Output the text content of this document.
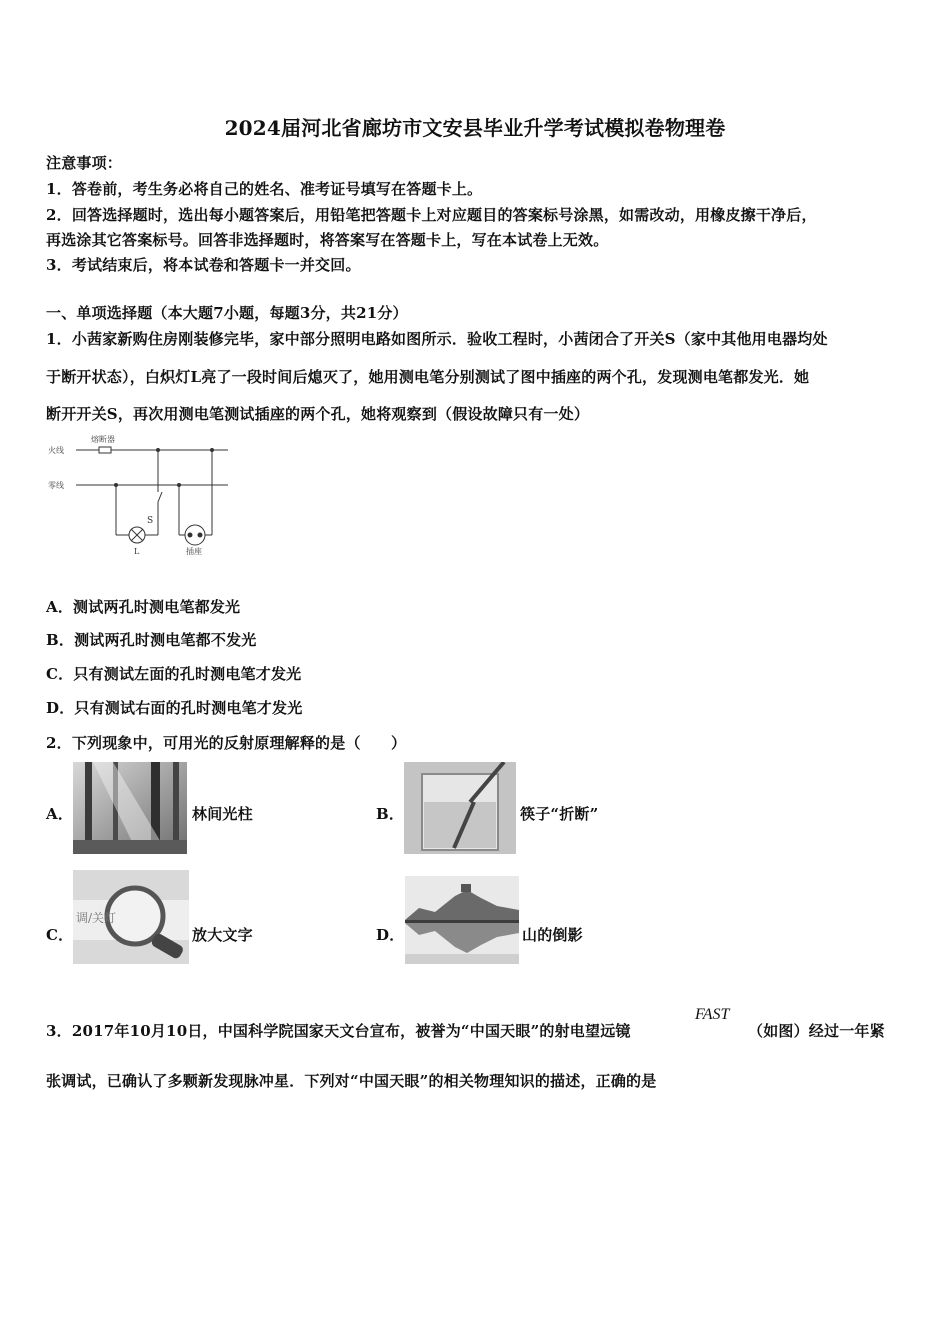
2024届河北省廊坊市文安县毕业升学考试模拟卷物理卷
注意事项：
1．答卷前，考生务必将自己的姓名、准考证号填写在答题卡上。
2．回答选择题时，选出每小题答案后，用铅笔把答题卡上对应题目的答案标号涂黑，如需改动，用橡皮擦干净后，
再选涂其它答案标号。回答非选择题时，将答案写在答题卡上，写在本试卷上无效。
3．考试结束后，将本试卷和答题卡一并交回。
一、单项选择题（本大题7小题，每题3分，共21分）
1．小茜家新购住房刚装修完毕，家中部分照明电路如图所示．验收工程时，小茜闭合了开关S（家中其他用电器均处
于断开状态），白炽灯L亮了一段时间后熄灭了，她用测电笔分别测试了图中插座的两个孔，发现测电笔都发光．她
断开开关S，再次用测电笔测试插座的两个孔，她将观察到（假设故障只有一处）
火线
零线
熔断器
S
L	插座
A．测试两孔时测电笔都发光
B．测试两孔时测电笔都不发光
C．只有测试左面的孔时测电笔才发光
D．只有测试右面的孔时测电笔才发光
2．下列现象中，可用光的反射原理解释的是（　　）
A．	林间光柱	B．	筷子“折断”
C．
调/关灯
放大文字	D．	山的倒影
3．2017年10月10日，中国科学院国家天文台宣布，被誉为“中国天眼”的射电望远镜
FAST
（如图）经过一年紧
张调试，已确认了多颗新发现脉冲星．下列对“中国天眼”的相关物理知识的描述，正确的是
